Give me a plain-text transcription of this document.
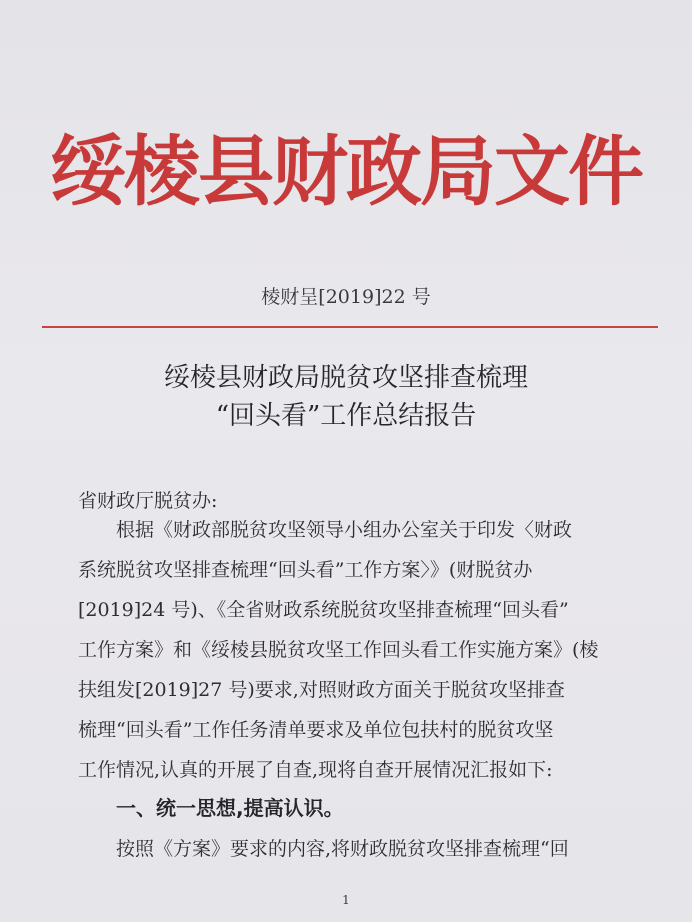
绥棱县财政局文件
棱财呈[2019]22 号
绥棱县财政局脱贫攻坚排查梳理
“回头看”工作总结报告
省财政厅脱贫办:
根据《财政部脱贫攻坚领导小组办公室关于印发〈财政
系统脱贫攻坚排查梳理“回头看”工作方案〉》(财脱贫办
[2019]24 号)、《全省财政系统脱贫攻坚排查梳理“回头看”
工作方案》和《绥棱县脱贫攻坚工作回头看工作实施方案》(棱
扶组发[2019]27 号)要求,对照财政方面关于脱贫攻坚排查
梳理“回头看”工作任务清单要求及单位包扶村的脱贫攻坚
工作情况,认真的开展了自查,现将自查开展情况汇报如下:
一、统一思想,提高认识。
按照《方案》要求的内容,将财政脱贫攻坚排查梳理“回
1
